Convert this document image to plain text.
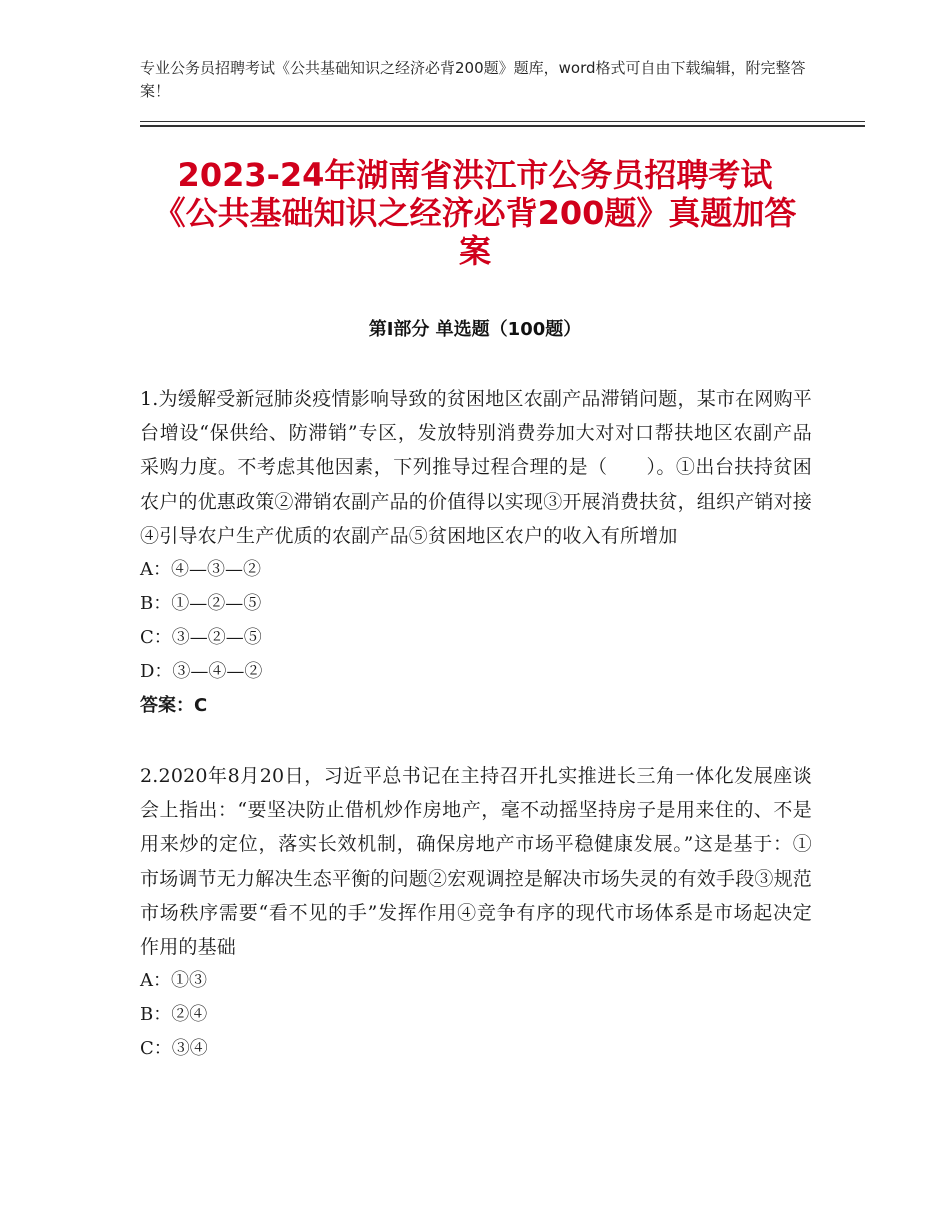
专业公务员招聘考试《公共基础知识之经济必背200题》题库，word格式可自由下载编辑，附完整答案！
2023-24年湖南省洪江市公务员招聘考试《公共基础知识之经济必背200题》真题加答案
第Ⅰ部分 单选题（100题）
1.为缓解受新冠肺炎疫情影响导致的贫困地区农副产品滞销问题，某市在网购平台增设“保供给、防滞销”专区，发放特别消费券加大对对口帮扶地区农副产品采购力度。不考虑其他因素，下列推导过程合理的是（　　）。①出台扶持贫困农户的优惠政策②滞销农副产品的价值得以实现③开展消费扶贫，组织产销对接④引导农户生产优质的农副产品⑤贫困地区农户的收入有所增加
A：④—③—②
B：①—②—⑤
C：③—②—⑤
D：③—④—②
答案：C
2.2020年8月20日，习近平总书记在主持召开扎实推进长三角一体化发展座谈会上指出：“要坚决防止借机炒作房地产，毫不动摇坚持房子是用来住的、不是用来炒的定位，落实长效机制，确保房地产市场平稳健康发展。”这是基于：①市场调节无力解决生态平衡的问题②宏观调控是解决市场失灵的有效手段③规范市场秩序需要“看不见的手”发挥作用④竞争有序的现代市场体系是市场起决定作用的基础
A：①③
B：②④
C：③④
